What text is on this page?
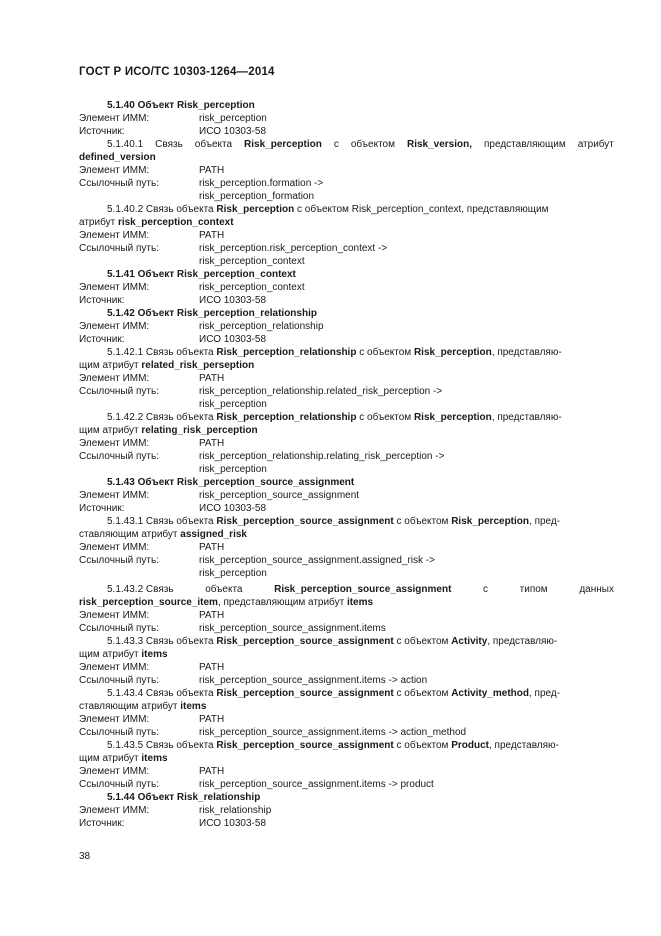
ГОСТ Р ИСО/ТС 10303-1264—2014
5.1.40 Объект Risk_perception
Элемент ИММ:	risk_perception
Источник:	ИСО 10303-58
5.1.40.1 Связь объекта Risk_perception с объектом Risk_version, представляющим атрибут
defined_version
Элемент ИММ:	PATH
Ссылочный путь:	risk_perception.formation ->
risk_perception_formation
5.1.40.2 Связь объекта Risk_perception с объектом Risk_perception_context, представляющим
атрибут risk_perception_context
Элемент ИММ:	PATH
Ссылочный путь:	risk_perception.risk_perception_context ->
risk_perception_context
5.1.41 Объект Risk_perception_context
Элемент ИММ:	risk_perception_context
Источник:	ИСО 10303-58
5.1.42 Объект Risk_perception_relationship
Элемент ИММ:	risk_perception_relationship
Источник:	ИСО 10303-58
5.1.42.1 Связь объекта Risk_perception_relationship с объектом Risk_perception, представляю-
щим атрибут related_risk_perseption
Элемент ИММ:	PATH
Ссылочный путь:	risk_perception_relationship.related_risk_perception ->
risk_perception
5.1.42.2 Связь объекта Risk_perception_relationship с объектом Risk_perception, представляю-
щим атрибут relating_risk_perception
Элемент ИММ:	PATH
Ссылочный путь:	risk_perception_relationship.relating_risk_perception ->
risk_perception
5.1.43 Объект Risk_perception_source_assignment
Элемент ИММ:	risk_perception_source_assignment
Источник:	ИСО 10303-58
5.1.43.1 Связь объекта Risk_perception_source_assignment с объектом Risk_perception, пред-
ставляющим атрибут assigned_risk
Элемент ИММ:	PATH
Ссылочный путь:	risk_perception_source_assignment.assigned_risk ->
risk_perception
5.1.43.2 Связь	объекта	Risk_perception_source_assignment	с	типом	данных
risk_perception_source_item, представляющим атрибут items
Элемент ИММ:	PATH
Ссылочный путь:	risk_perception_source_assignment.items
5.1.43.3 Связь объекта Risk_perception_source_assignment с объектом Activity, представляю-
щим атрибут items
Элемент ИММ:	PATH
Ссылочный путь:	risk_perception_source_assignment.items -> action
5.1.43.4 Связь объекта Risk_perception_source_assignment с объектом Activity_method, пред-
ставляющим атрибут items
Элемент ИММ:	PATH
Ссылочный путь:	risk_perception_source_assignment.items -> action_method
5.1.43.5 Связь объекта Risk_perception_source_assignment с объектом Product, представляю-
щим атрибут items
Элемент ИММ:	PATH
Ссылочный путь:	risk_perception_source_assignment.items -> product
5.1.44 Объект Risk_relationship
Элемент ИММ:	risk_relationship
Источник:	ИСО 10303-58
38
